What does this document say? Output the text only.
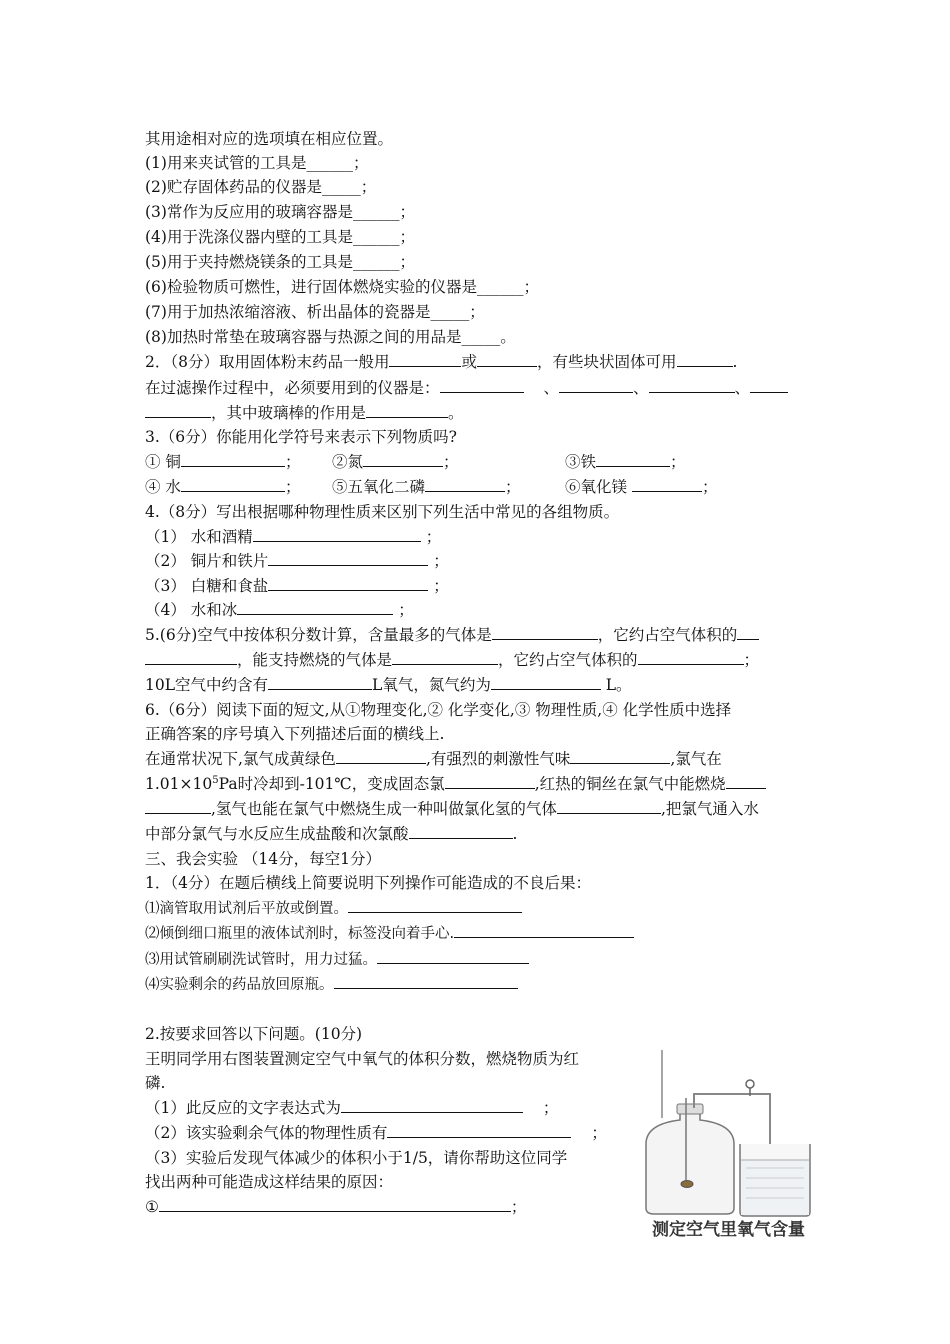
其用途相对应的选项填在相应位置。
(1)用来夹试管的工具是______；
(2)贮存固体药品的仪器是_____；
(3)常作为反应用的玻璃容器是______；
(4)用于洗涤仪器内壁的工具是______；
(5)用于夹持燃烧镁条的工具是______；
(6)检验物质可燃性，进行固体燃烧实验的仪器是______；
(7)用于加热浓缩溶液、析出晶体的瓷器是_____；
(8)加热时常垫在玻璃容器与热源之间的用品是_____。
2．（8分）取用固体粉末药品一般用	或	，有些块状固体可用	.
在过滤操作过程中，必须要用到的仪器是：	、	、	、
，其中玻璃棒的作用是	。
3.（6分）你能用化学符号来表示下列物质吗?
① 铜	； ②氮	；	③铁	；
④ 水	； ⑤五氧化二磷	；	⑥氧化镁	；
4.（8分）写出根据哪种物理性质来区别下列生活中常见的各组物质。
（1） 水和酒精	；
（2） 铜片和铁片	；
（3） 白糖和食盐	；
（4） 水和冰	；
5.(6分)空气中按体积分数计算，含量最多的气体是	，它约占空气体积的
，能支持燃烧的气体是	，它约占空气体积的	；
10L空气中约含有	L氧气，氮气约为	L。
6.（6分）阅读下面的短文,从①物理变化,② 化学变化,③ 物理性质,④ 化学性质中选择
正确答案的序号填入下列描述后面的横线上.
在通常状况下,氯气成黄绿色	,有强烈的刺激性气味	,氯气在
$1.01\times 10^5Pa$时冷却到-101℃，变成固态氯	,红热的铜丝在氯气中能燃烧
,氢气也能在氯气中燃烧生成一种叫做氯化氢的气体	,把氯气通入水
中部分氯气与水反应生成盐酸和次氯酸	.
三、我会实验 （14分，每空1分）
1．（4分）在题后横线上简要说明下列操作可能造成的不良后果：
⑴滴管取用试剂后平放或倒置。
⑵倾倒细口瓶里的液体试剂时，标签没向着手心.
⑶用试管刷刷洗试管时，用力过猛。
⑷实验剩余的药品放回原瓶。
2.按要求回答以下问题。(10分)
王明同学用右图装置测定空气中氧气的体积分数，燃烧物质为红
磷.
（1）此反应的文字表达式为	；
（2）该实验剩余气体的物理性质有	；
（3）实验后发现气体减少的体积小于1/5，请你帮助这位同学
找出两种可能造成这样结果的原因：
①	；
测定空气里氧气含量
